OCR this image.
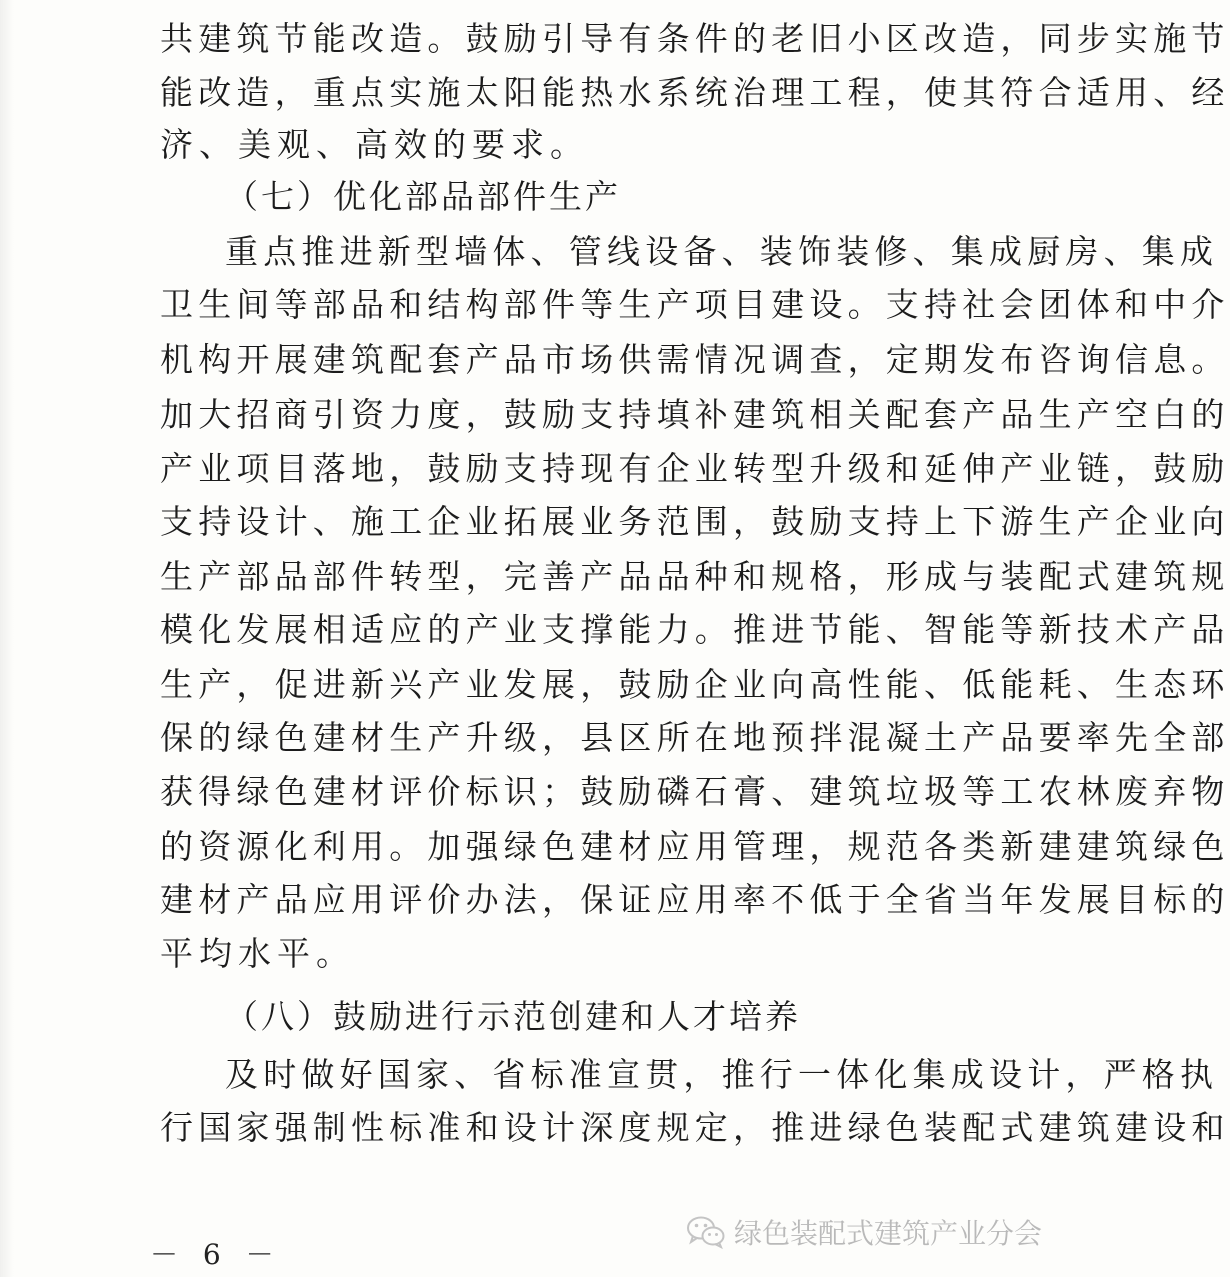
共建筑节能改造。鼓励引导有条件的老旧小区改造，同步实施节
能改造，重点实施太阳能热水系统治理工程，使其符合适用、经
济、美观、高效的要求。
（七）优化部品部件生产
重点推进新型墙体、管线设备、装饰装修、集成厨房、集成
卫生间等部品和结构部件等生产项目建设。支持社会团体和中介
机构开展建筑配套产品市场供需情况调查，定期发布咨询信息。
加大招商引资力度，鼓励支持填补建筑相关配套产品生产空白的
产业项目落地，鼓励支持现有企业转型升级和延伸产业链，鼓励
支持设计、施工企业拓展业务范围，鼓励支持上下游生产企业向
生产部品部件转型，完善产品品种和规格，形成与装配式建筑规
模化发展相适应的产业支撑能力。推进节能、智能等新技术产品
生产，促进新兴产业发展，鼓励企业向高性能、低能耗、生态环
保的绿色建材生产升级，县区所在地预拌混凝土产品要率先全部
获得绿色建材评价标识；鼓励磷石膏、建筑垃圾等工农林废弃物
的资源化利用。加强绿色建材应用管理，规范各类新建建筑绿色
建材产品应用评价办法，保证应用率不低于全省当年发展目标的
平均水平。
（八）鼓励进行示范创建和人才培养
及时做好国家、省标准宣贯，推行一体化集成设计，严格执
行国家强制性标准和设计深度规定，推进绿色装配式建筑建设和
绿色装配式建筑产业分会
－ 6 －
